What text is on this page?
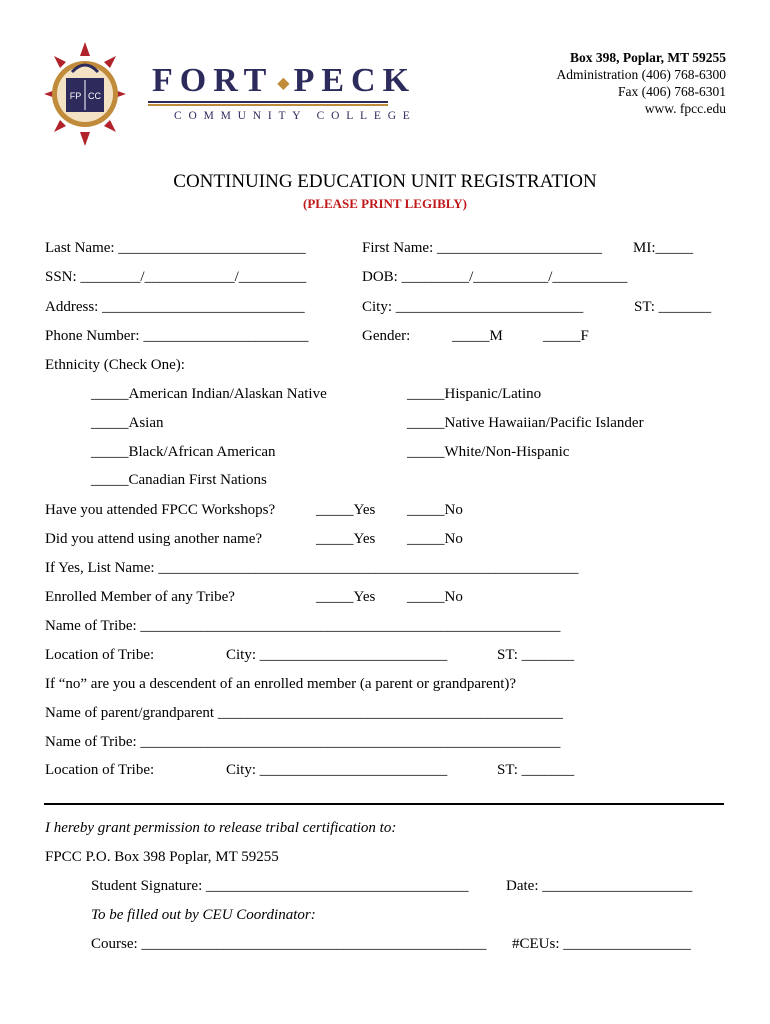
FP CC FORT ◆ PECK
COMMUNITY COLLEGE
Box 398, Poplar, MT 59255
Administration (406) 768-6300
Fax (406) 768-6301
www. fpcc.edu
CONTINUING EDUCATION UNIT REGISTRATION
(PLEASE PRINT LEGIBLY)
Last Name: _________________________	First Name: ______________________ MI:_____
SSN: ________/____________/_________	DOB: _________/__________/__________
Address: ___________________________	City: _________________________	ST: _______
Phone Number: ______________________	Gender:	_____M	_____F
Ethnicity (Check One):
_____American Indian/Alaskan Native	_____Hispanic/Latino
_____Asian	_____Native Hawaiian/Pacific Islander
_____Black/African American	_____White/Non-Hispanic
_____Canadian First Nations
Have you attended FPCC Workshops?	_____Yes _____No
Did you attend using another name?	_____Yes _____No
If Yes, List Name: ________________________________________________________
Enrolled Member of any Tribe?	_____Yes _____No
Name of Tribe: ________________________________________________________
Location of Tribe:	City: _________________________	ST: _______
If “no” are you a descendent of an enrolled member (a parent or grandparent)?
Name of parent/grandparent ______________________________________________
Name of Tribe: ________________________________________________________
Location of Tribe:	City: _________________________	ST: _______
I hereby grant permission to release tribal certification to:
FPCC P.O. Box 398 Poplar, MT 59255
Student Signature: ___________________________________	Date: ____________________
To be filled out by CEU Coordinator:
Course: ______________________________________________ #CEUs: _________________
